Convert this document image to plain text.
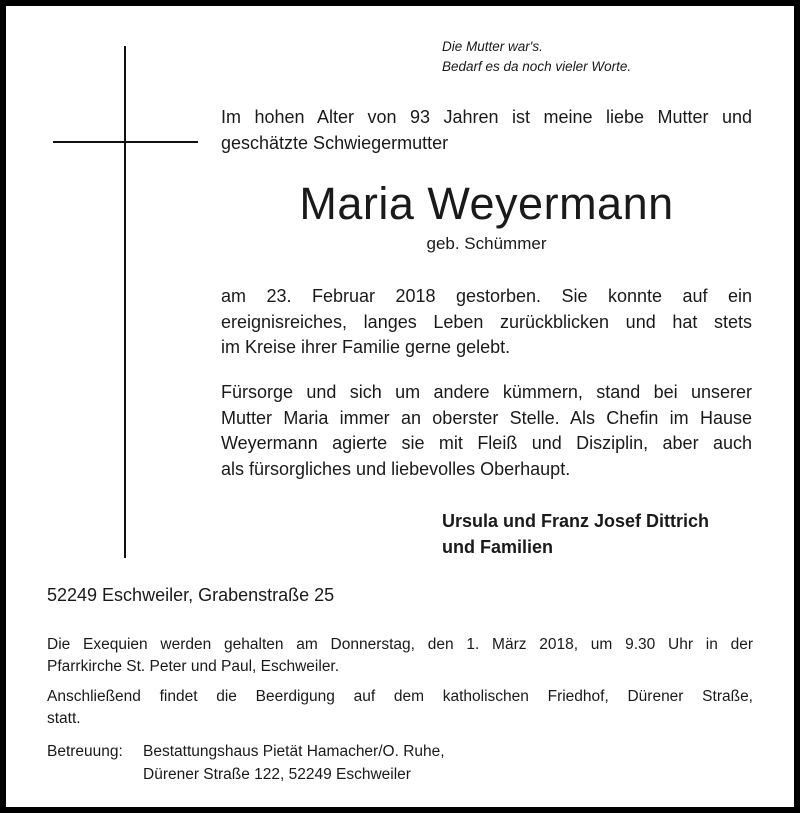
Die Mutter war's.
Bedarf es da noch vieler Worte.
Im hohen Alter von 93 Jahren ist meine liebe Mutter und
geschätzte Schwiegermutter
Maria Weyermann
geb. Schümmer
am 23. Februar 2018 gestorben. Sie konnte auf ein
ereignisreiches, langes Leben zurückblicken und hat stets
im Kreise ihrer Familie gerne gelebt.
Fürsorge und sich um andere kümmern, stand bei unserer
Mutter Maria immer an oberster Stelle. Als Chefin im Hause
Weyermann agierte sie mit Fleiß und Disziplin, aber auch
als fürsorgliches und liebevolles Oberhaupt.
Ursula und Franz Josef Dittrich
und Familien
52249 Eschweiler, Grabenstraße 25
Die Exequien werden gehalten am Donnerstag, den 1. März 2018, um 9.30 Uhr in der
Pfarrkirche St. Peter und Paul, Eschweiler.
Anschließend findet die Beerdigung auf dem katholischen Friedhof, Dürener Straße,
statt.
Betreuung: Bestattungshaus Pietät Hamacher/O. Ruhe,
Dürener Straße 122, 52249 Eschweiler
